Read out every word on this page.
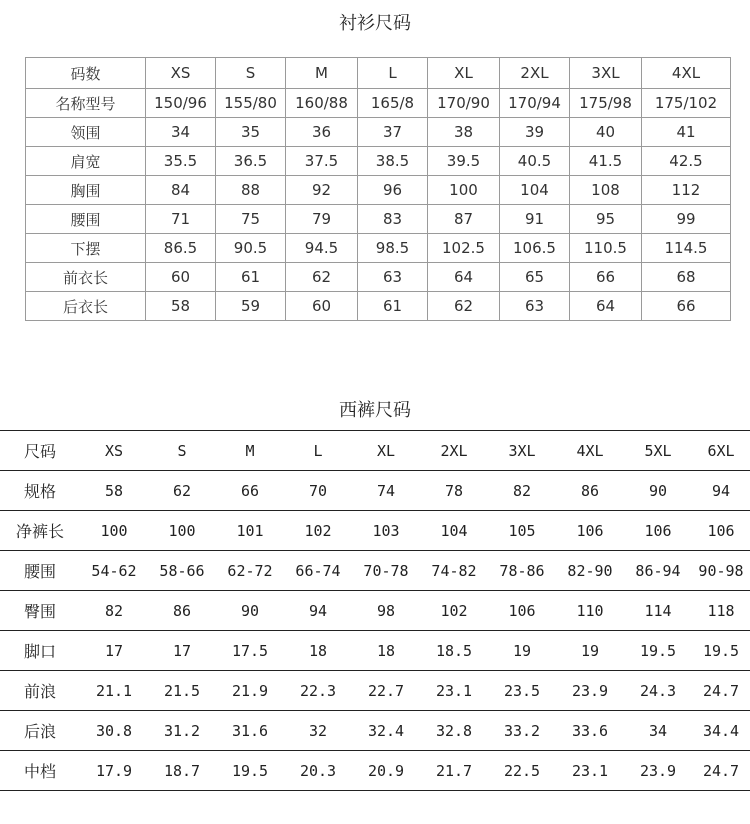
衬衫尺码
码数	XS	S	M	L	XL	2XL	3XL	4XL
名称型号	150/96	155/80	160/88	165/8	170/90	170/94	175/98	175/102
领围	34	35	36	37	38	39	40	41
肩宽	35.5	36.5	37.5	38.5	39.5	40.5	41.5	42.5
胸围	84	88	92	96	100	104	108	112
腰围	71	75	79	83	87	91	95	99
下摆	86.5	90.5	94.5	98.5	102.5	106.5	110.5	114.5
前衣长	60	61	62	63	64	65	66	68
后衣长	58	59	60	61	62	63	64	66
西裤尺码
尺码	XS	S	M	L	XL	2XL	3XL	4XL	5XL	6XL
规格	58	62	66	70	74	78	82	86	90	94
净裤长	100	100	101	102	103	104	105	106	106	106
腰围	54-62	58-66	62-72	66-74	70-78	74-82	78-86	82-90	86-94	90-98
臀围	82	86	90	94	98	102	106	110	114	118
脚口	17	17	17.5	18	18	18.5	19	19	19.5	19.5
前浪	21.1	21.5	21.9	22.3	22.7	23.1	23.5	23.9	24.3	24.7
后浪	30.8	31.2	31.6	32	32.4	32.8	33.2	33.6	34	34.4
中档	17.9	18.7	19.5	20.3	20.9	21.7	22.5	23.1	23.9	24.7
